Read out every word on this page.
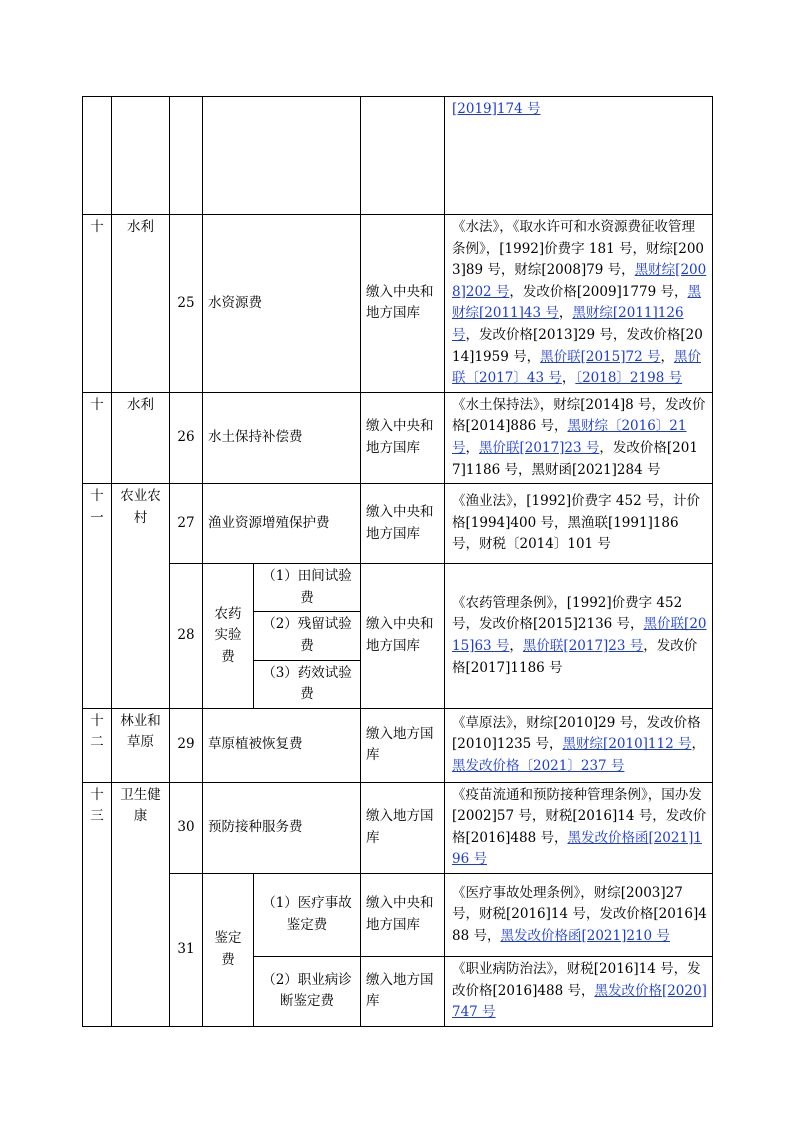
						[2019]174 号
十	水利	25	水资源费		缴入中央和地方国库	《水法》，《取水许可和水资源费征收管理条例》，[1992]价费字 181 号，财综[2003]89 号，财综[2008]79 号，黑财综[2008]202 号，发改价格[2009]1779 号，黑财综[2011]43 号，黑财综[2011]126 号，发改价格[2013]29 号，发改价格[2014]1959 号，黑价联[2015]72 号，黑价联〔2017〕43 号，〔2018〕2198 号
十	水利	26	水土保持补偿费		缴入中央和地方国库	《水土保持法》，财综[2014]8 号，发改价格[2014]886 号，黑财综〔2016〕21 号，黑价联[2017]23 号，发改价格[2017]1186 号，黑财函[2021]284 号
十一	农业农村	27	渔业资源增殖保护费		缴入中央和地方国库	《渔业法》，[1992]价费字 452 号，计价格[1994]400 号，黑渔联[1991]186 号，财税〔2014〕101 号
		28	农药实验费	（1）田间试验费	缴入中央和地方国库	《农药管理条例》，[1992]价费字 452 号，发改价格[2015]2136 号，黑价联[2015]63 号，黑价联[2017]23 号，发改价格[2017]1186 号
				（2）残留试验费		
				（3）药效试验费		
十二	林业和草原	29	草原植被恢复费		缴入地方国库	《草原法》，财综[2010]29 号，发改价格[2010]1235 号，黑财综[2010]112 号，黑发改价格〔2021〕237 号
十三	卫生健康	30	预防接种服务费		缴入地方国库	《疫苗流通和预防接种管理条例》，国办发[2002]57 号，财税[2016]14 号，发改价格[2016]488 号，黑发改价格函[2021]196 号
		31	鉴定费	（1）医疗事故鉴定费	缴入中央和地方国库	《医疗事故处理条例》，财综[2003]27 号，财税[2016]14 号，发改价格[2016]488 号，黑发改价格函[2021]210 号
				（2）职业病诊断鉴定费	缴入地方国库	《职业病防治法》，财税[2016]14 号，发改价格[2016]488 号，黑发改价格[2020]747 号
